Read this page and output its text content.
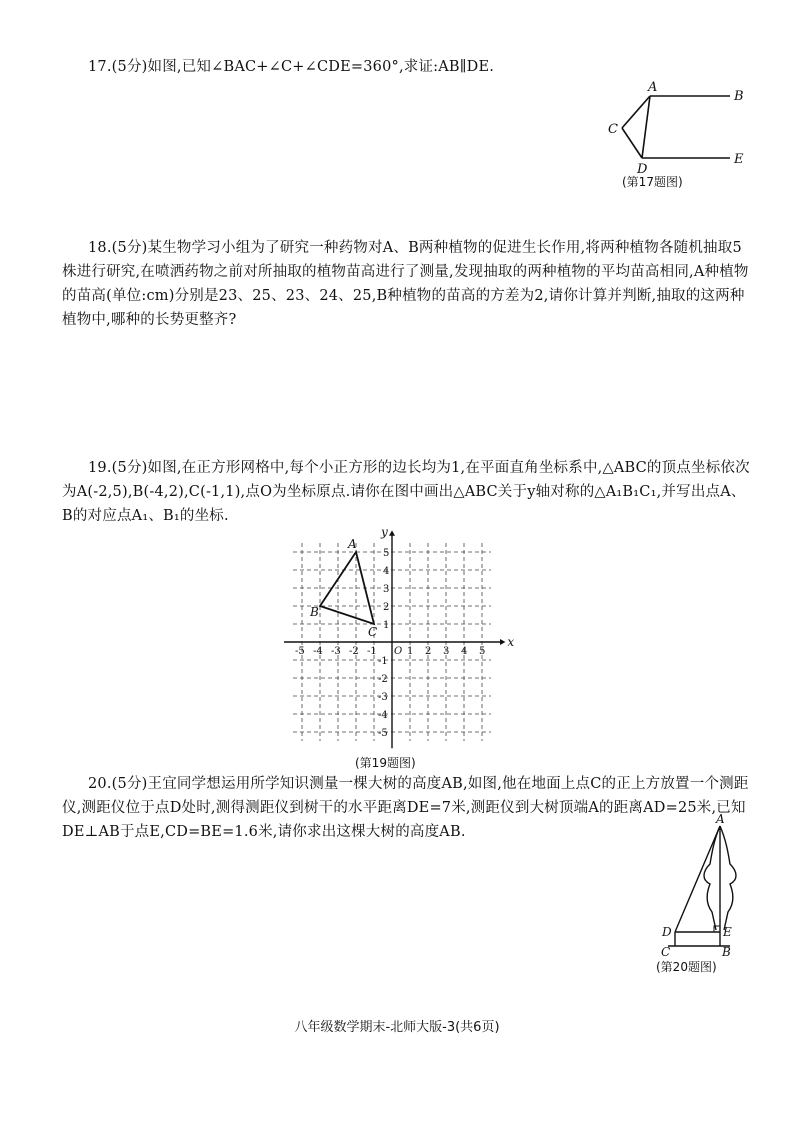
17.(5分)如图,已知∠BAC+∠C+∠CDE=360°,求证:AB∥DE.

A
B
C
D
E
(第17题图)

18.(5分)某生物学习小组为了研究一种药物对A、B两种植物的促进生长作用,将两种植物各随机抽取5株进行研究,在喷洒药物之前对所抽取的植物苗高进行了测量,发现抽取的两种植物的平均苗高相同,A种植物的苗高(单位:cm)分别是23、25、23、24、25,B种植物的苗高的方差为2,请你计算并判断,抽取的这两种植物中,哪种的长势更整齐?

19.(5分)如图,在正方形网格中,每个小正方形的边长均为1,在平面直角坐标系中,△ABC的顶点坐标依次为A(-2,5),B(-4,2),C(-1,1),点O为坐标原点.请你在图中画出△ABC关于y轴对称的△A₁B₁C₁,并写出点A、B的对应点A₁、B₁的坐标.

-5 -4 -3 -2 -1	1 2 3 4 5
5
4
3
2
1
-1
-2
-3
-4
-5
O
x
y
A
B
C
(第19题图)

20.(5分)王宜同学想运用所学知识测量一棵大树的高度AB,如图,他在地面上点C的正上方放置一个测距仪,测距仪位于点D处时,测得测距仪到树干的水平距离DE=7米,测距仪到大树顶端A的距离AD=25米,已知DE⊥AB于点E,CD=BE=1.6米,请你求出这棵大树的高度AB.

A
B
C
D	E
(第20题图)
八年级数学期末-北师大版-3(共6页)
